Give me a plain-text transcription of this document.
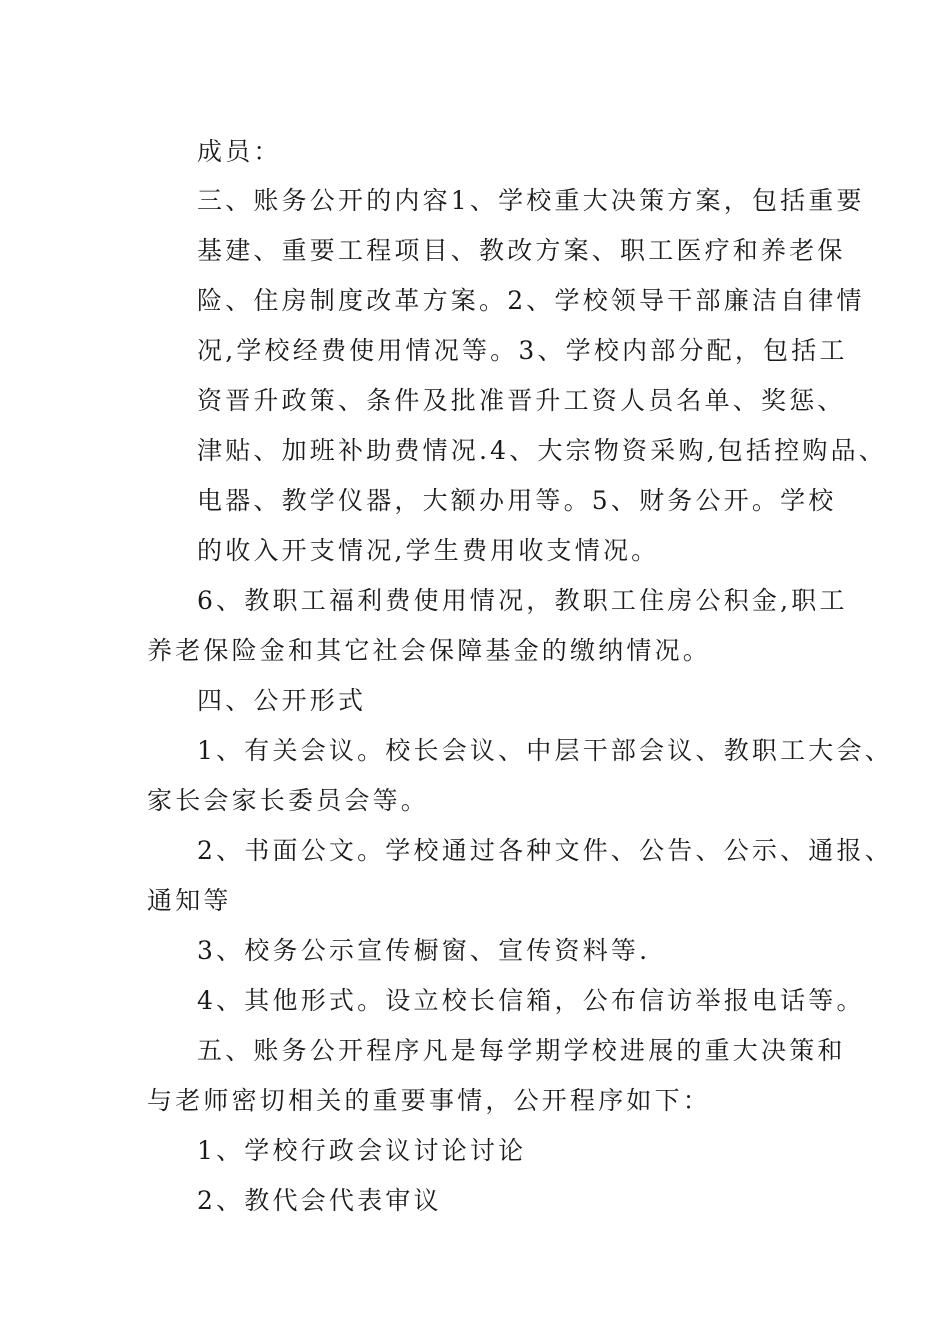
成员：
三、账务公开的内容1、学校重大决策方案，包括重要
基建、重要工程项目、教改方案、职工医疗和养老保
险、住房制度改革方案。2、学校领导干部廉洁自律情
况,学校经费使用情况等。3、学校内部分配，包括工
资晋升政策、条件及批准晋升工资人员名单、奖惩、
津贴、加班补助费情况.4、大宗物资采购,包括控购品、
电器、教学仪器，大额办用等。5、财务公开。学校
的收入开支情况,学生费用收支情况。
6、教职工福利费使用情况，教职工住房公积金,职工
养老保险金和其它社会保障基金的缴纳情况。
四、公开形式
1、有关会议。校长会议、中层干部会议、教职工大会、
家长会家长委员会等。
2、书面公文。学校通过各种文件、公告、公示、通报、
通知等
3、校务公示宣传橱窗、宣传资料等.
4、其他形式。设立校长信箱，公布信访举报电话等。
五、账务公开程序凡是每学期学校进展的重大决策和
与老师密切相关的重要事情，公开程序如下：
1、学校行政会议讨论讨论
2、教代会代表审议
